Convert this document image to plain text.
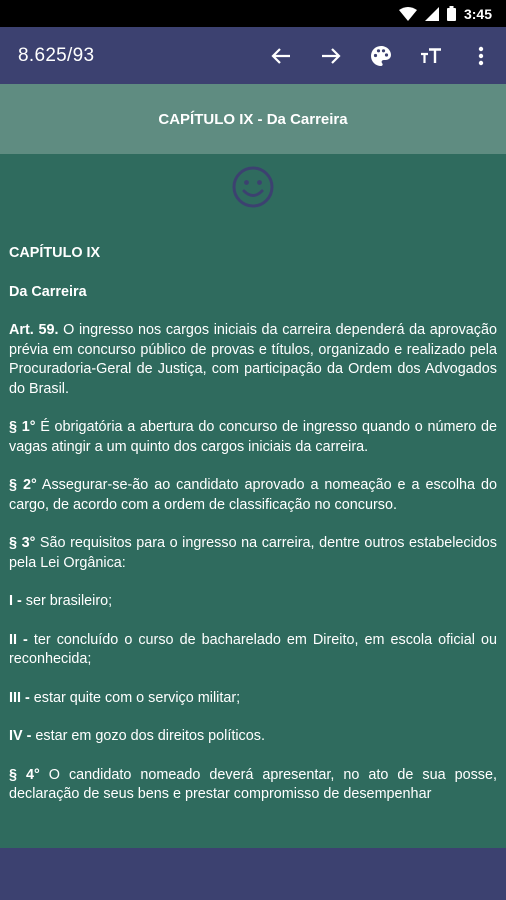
3:45
8.625/93
CAPÍTULO IX - Da Carreira

CAPÍTULO IX

Da Carreira

Art. 59. O ingresso nos cargos iniciais da carreira dependerá da aprovação prévia em concurso público de provas e títulos, organizado e realizado pela Procuradoria-Geral de Justiça, com participação da Ordem dos Advogados do Brasil.

§ 1° É obrigatória a abertura do concurso de ingresso quando o número de vagas atingir a um quinto dos cargos iniciais da carreira.

§ 2° Assegurar-se-ão ao candidato aprovado a nomeação e a escolha do cargo, de acordo com a ordem de classificação no concurso.

§ 3° São requisitos para o ingresso na carreira, dentre outros estabelecidos pela Lei Orgânica:

I - ser brasileiro;

II - ter concluído o curso de bacharelado em Direito, em escola oficial ou reconhecida;

III - estar quite com o serviço militar;

IV - estar em gozo dos direitos políticos.

§ 4° O candidato nomeado deverá apresentar, no ato de sua posse, declaração de seus bens e prestar compromisso de desempenhar
